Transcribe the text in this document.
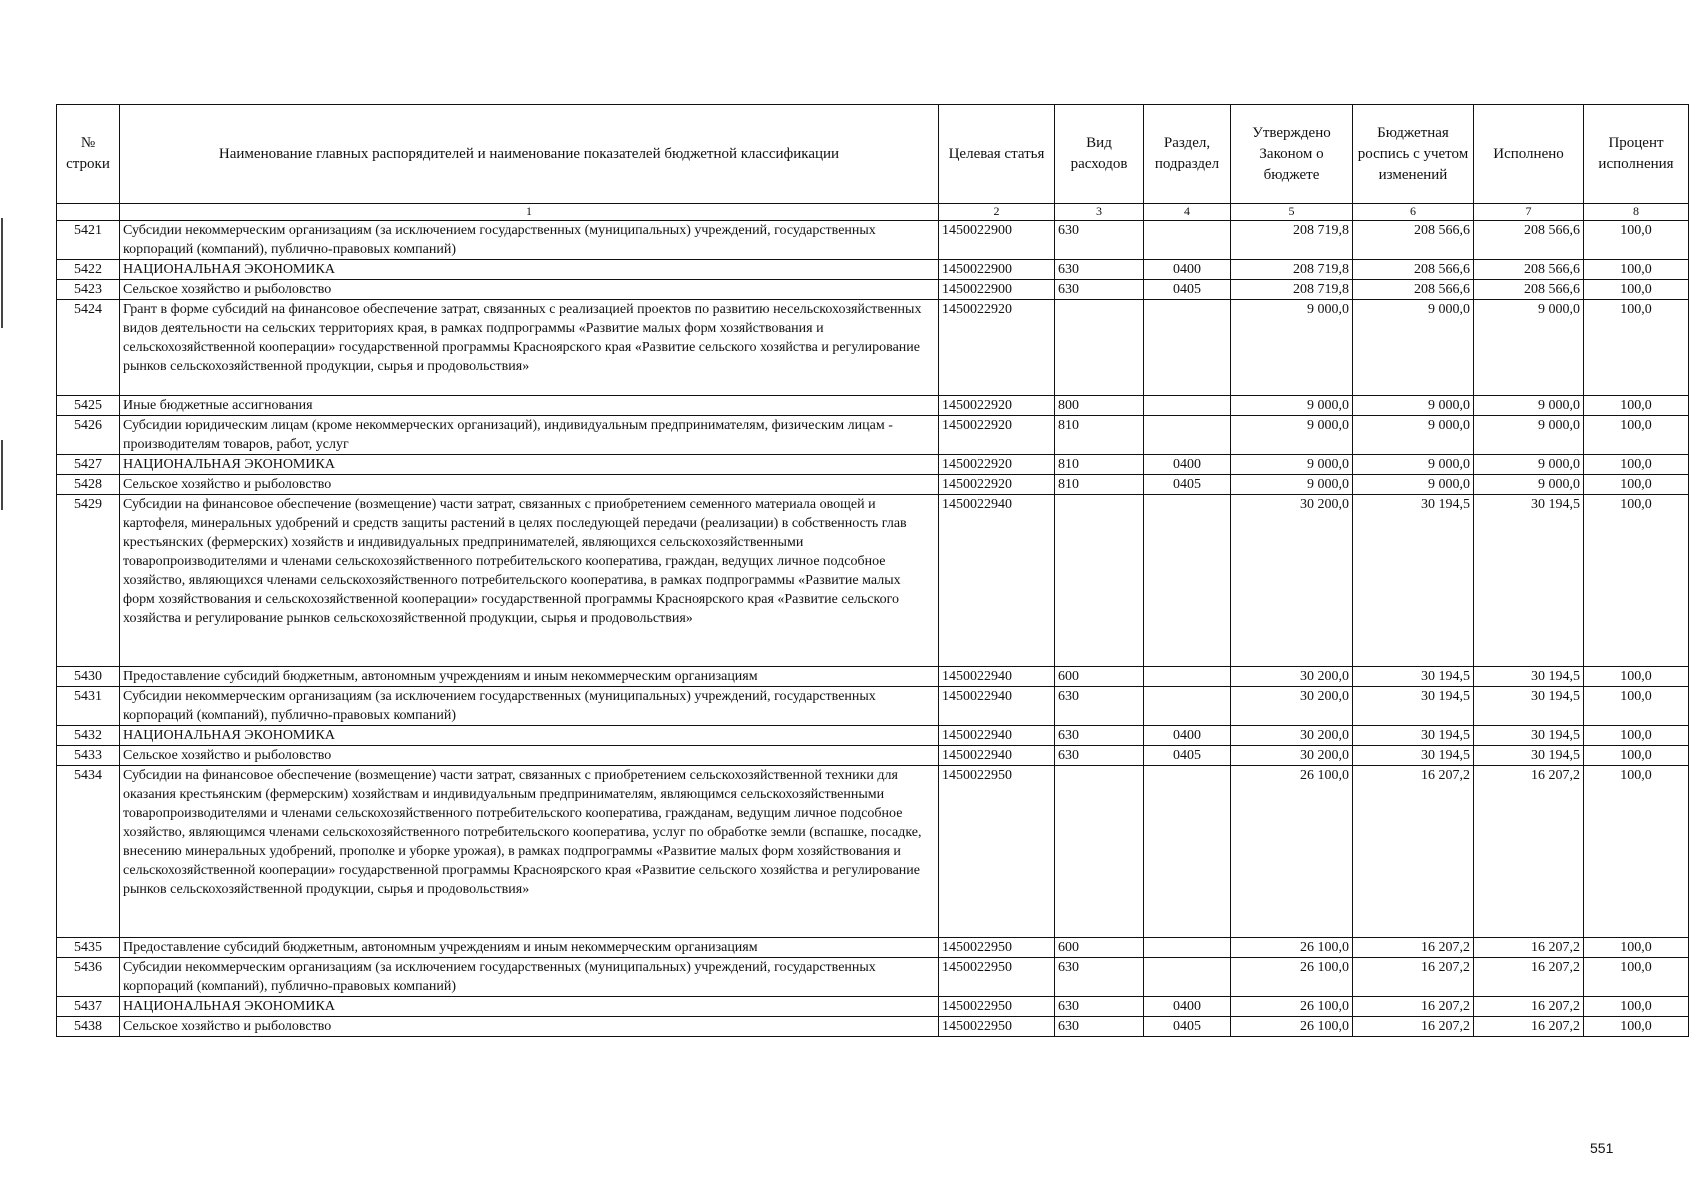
№ строки	Наименование главных распорядителей и наименование показателей бюджетной классификации	Целевая статья	Вид расходов	Раздел, подраздел	Утверждено Законом о бюджете	Бюджетная роспись с учетом изменений	Исполнено	Процент исполнения
	1	2	3	4	5	6	7	8
5421	Субсидии некоммерческим организациям (за исключением государственных (муниципальных) учреждений, государственных корпораций (компаний), публично-правовых компаний)	1450022900	630		208 719,8	208 566,6	208 566,6	100,0
5422	НАЦИОНАЛЬНАЯ ЭКОНОМИКА	1450022900	630	0400	208 719,8	208 566,6	208 566,6	100,0
5423	Сельское хозяйство и рыболовство	1450022900	630	0405	208 719,8	208 566,6	208 566,6	100,0
5424	Грант в форме субсидий на финансовое обеспечение затрат, связанных с реализацией проектов по развитию несельскохозяйственных видов деятельности на сельских территориях края, в рамках подпрограммы «Развитие малых форм хозяйствования и сельскохозяйственной кооперации» государственной программы Красноярского края «Развитие сельского хозяйства и регулирование рынков сельскохозяйственной продукции, сырья и продовольствия»	1450022920			9 000,0	9 000,0	9 000,0	100,0
5425	Иные бюджетные ассигнования	1450022920	800		9 000,0	9 000,0	9 000,0	100,0
5426	Субсидии юридическим лицам (кроме некоммерческих организаций), индивидуальным предпринимателям, физическим лицам - производителям товаров, работ, услуг	1450022920	810		9 000,0	9 000,0	9 000,0	100,0
5427	НАЦИОНАЛЬНАЯ ЭКОНОМИКА	1450022920	810	0400	9 000,0	9 000,0	9 000,0	100,0
5428	Сельское хозяйство и рыболовство	1450022920	810	0405	9 000,0	9 000,0	9 000,0	100,0
5429	Субсидии на финансовое обеспечение (возмещение) части затрат, связанных с приобретением семенного материала овощей и картофеля, минеральных удобрений и средств защиты растений в целях последующей передачи (реализации) в собственность глав крестьянских (фермерских) хозяйств и индивидуальных предпринимателей, являющихся сельскохозяйственными товаропроизводителями и членами сельскохозяйственного потребительского кооператива, граждан, ведущих личное подсобное хозяйство, являющихся членами сельскохозяйственного потребительского кооператива, в рамках подпрограммы «Развитие малых форм хозяйствования и сельскохозяйственной кооперации» государственной программы Красноярского края «Развитие сельского хозяйства и регулирование рынков сельскохозяйственной продукции, сырья и продовольствия»	1450022940			30 200,0	30 194,5	30 194,5	100,0
5430	Предоставление субсидий бюджетным, автономным учреждениям и иным некоммерческим организациям	1450022940	600		30 200,0	30 194,5	30 194,5	100,0
5431	Субсидии некоммерческим организациям (за исключением государственных (муниципальных) учреждений, государственных корпораций (компаний), публично-правовых компаний)	1450022940	630		30 200,0	30 194,5	30 194,5	100,0
5432	НАЦИОНАЛЬНАЯ ЭКОНОМИКА	1450022940	630	0400	30 200,0	30 194,5	30 194,5	100,0
5433	Сельское хозяйство и рыболовство	1450022940	630	0405	30 200,0	30 194,5	30 194,5	100,0
5434	Субсидии на финансовое обеспечение (возмещение) части затрат, связанных с приобретением сельскохозяйственной техники для оказания крестьянским (фермерским) хозяйствам и индивидуальным предпринимателям, являющимся сельскохозяйственными товаропроизводителями и членами сельскохозяйственного потребительского кооператива, гражданам, ведущим личное подсобное хозяйство, являющимся членами сельскохозяйственного потребительского кооператива, услуг по обработке земли (вспашке, посадке, внесению минеральных удобрений, прополке и уборке урожая), в рамках подпрограммы «Развитие малых форм хозяйствования и сельскохозяйственной кооперации» государственной программы Красноярского края «Развитие сельского хозяйства и регулирование рынков сельскохозяйственной продукции, сырья и продовольствия»	1450022950			26 100,0	16 207,2	16 207,2	100,0
5435	Предоставление субсидий бюджетным, автономным учреждениям и иным некоммерческим организациям	1450022950	600		26 100,0	16 207,2	16 207,2	100,0
5436	Субсидии некоммерческим организациям (за исключением государственных (муниципальных) учреждений, государственных корпораций (компаний), публично-правовых компаний)	1450022950	630		26 100,0	16 207,2	16 207,2	100,0
5437	НАЦИОНАЛЬНАЯ ЭКОНОМИКА	1450022950	630	0400	26 100,0	16 207,2	16 207,2	100,0
5438	Сельское хозяйство и рыболовство	1450022950	630	0405	26 100,0	16 207,2	16 207,2	100,0
551
